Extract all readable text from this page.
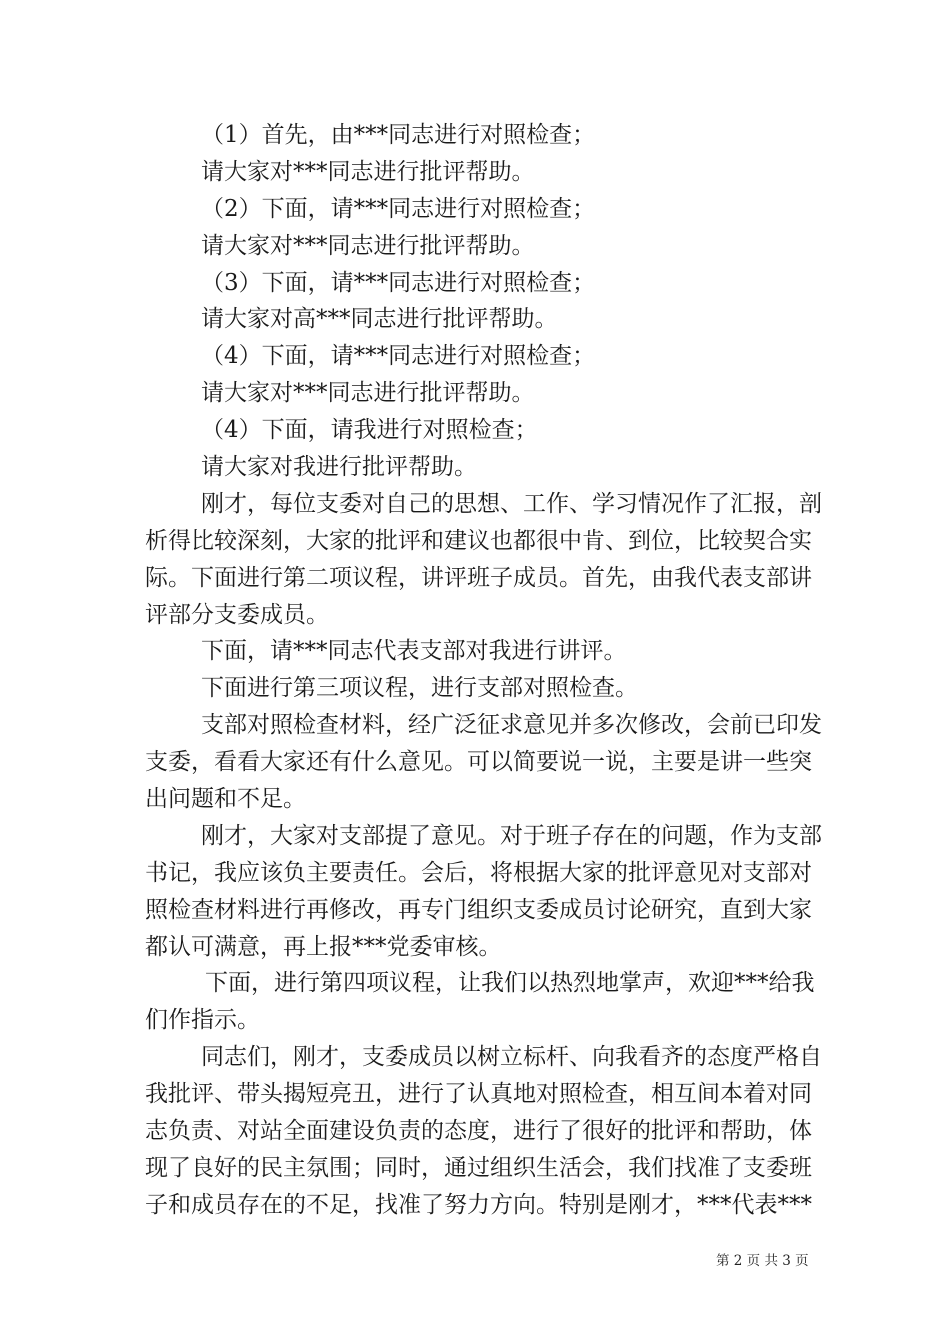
（1）首先，由***同志进行对照检查；
请大家对***同志进行批评帮助。
（2）下面，请***同志进行对照检查；
请大家对***同志进行批评帮助。
（3）下面，请***同志进行对照检查；
请大家对高***同志进行批评帮助。
（4）下面，请***同志进行对照检查；
请大家对***同志进行批评帮助。
（4）下面，请我进行对照检查；
请大家对我进行批评帮助。
刚才，每位支委对自己的思想、工作、学习情况作了汇报，剖
析得比较深刻，大家的批评和建议也都很中肯、到位，比较契合实
际。下面进行第二项议程，讲评班子成员。首先，由我代表支部讲
评部分支委成员。
下面，请***同志代表支部对我进行讲评。
下面进行第三项议程，进行支部对照检查。
支部对照检查材料，经广泛征求意见并多次修改，会前已印发
支委，看看大家还有什么意见。可以简要说一说，主要是讲一些突
出问题和不足。
刚才，大家对支部提了意见。对于班子存在的问题，作为支部
书记，我应该负主要责任。会后，将根据大家的批评意见对支部对
照检查材料进行再修改，再专门组织支委成员讨论研究，直到大家
都认可满意，再上报***党委审核。
下面，进行第四项议程，让我们以热烈地掌声，欢迎***给我
们作指示。
同志们，刚才，支委成员以树立标杆、向我看齐的态度严格自
我批评、带头揭短亮丑，进行了认真地对照检查，相互间本着对同
志负责、对站全面建设负责的态度，进行了很好的批评和帮助，体
现了良好的民主氛围；同时，通过组织生活会，我们找准了支委班
子和成员存在的不足，找准了努力方向。特别是刚才，***代表***
第 2 页 共 3 页
